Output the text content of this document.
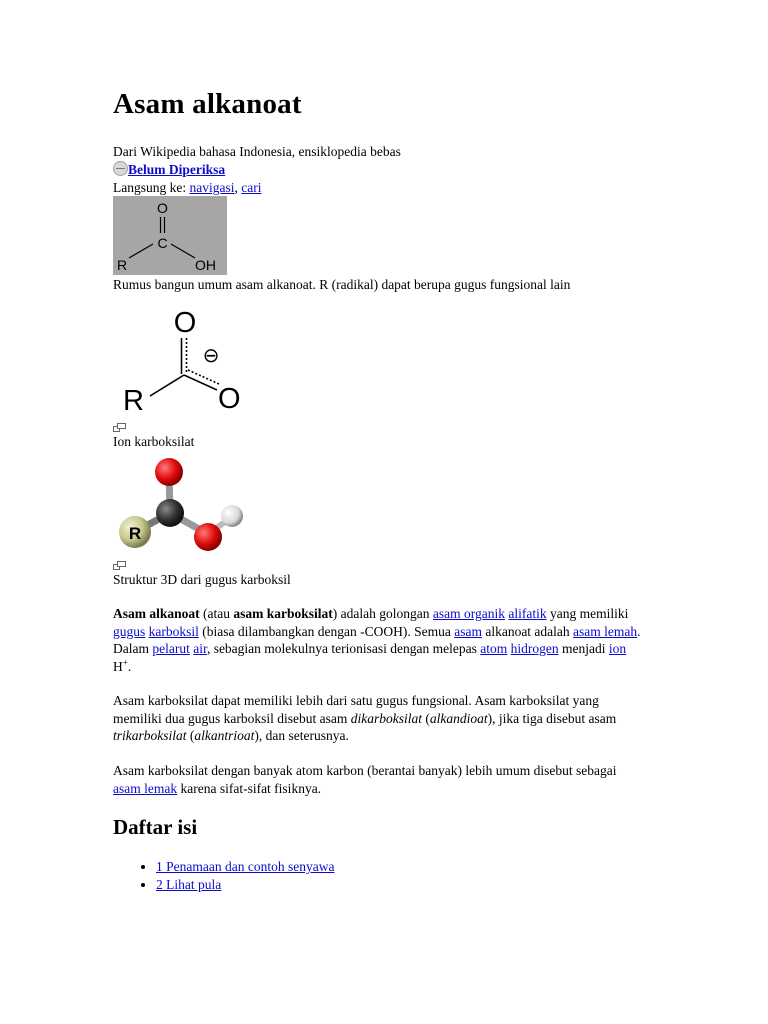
Asam alkanoat
Dari Wikipedia bahasa Indonesia, ensiklopedia bebas
Belum Diperiksa
Langsung ke: navigasi, cari
O
C
R	OH
Rumus bangun umum asam alkanoat. R (radikal) dapat berupa gugus fungsional lain
O
R	O
⊖
Ion karboksilat
R
Struktur 3D dari gugus karboksil

Asam alkanoat (atau asam karboksilat) adalah golongan asam organik alifatik yang memiliki gugus karboksil (biasa dilambangkan dengan -COOH). Semua asam alkanoat adalah asam lemah. Dalam pelarut air, sebagian molekulnya terionisasi dengan melepas atom hidrogen menjadi ion H+.

Asam karboksilat dapat memiliki lebih dari satu gugus fungsional. Asam karboksilat yang memiliki dua gugus karboksil disebut asam dikarboksilat (alkandioat), jika tiga disebut asam trikarboksilat (alkantrioat), dan seterusnya.

Asam karboksilat dengan banyak atom karbon (berantai banyak) lebih umum disebut sebagai asam lemak karena sifat-sifat fisiknya.

Daftar isi
• 1 Penamaan dan contoh senyawa
• 2 Lihat pula
